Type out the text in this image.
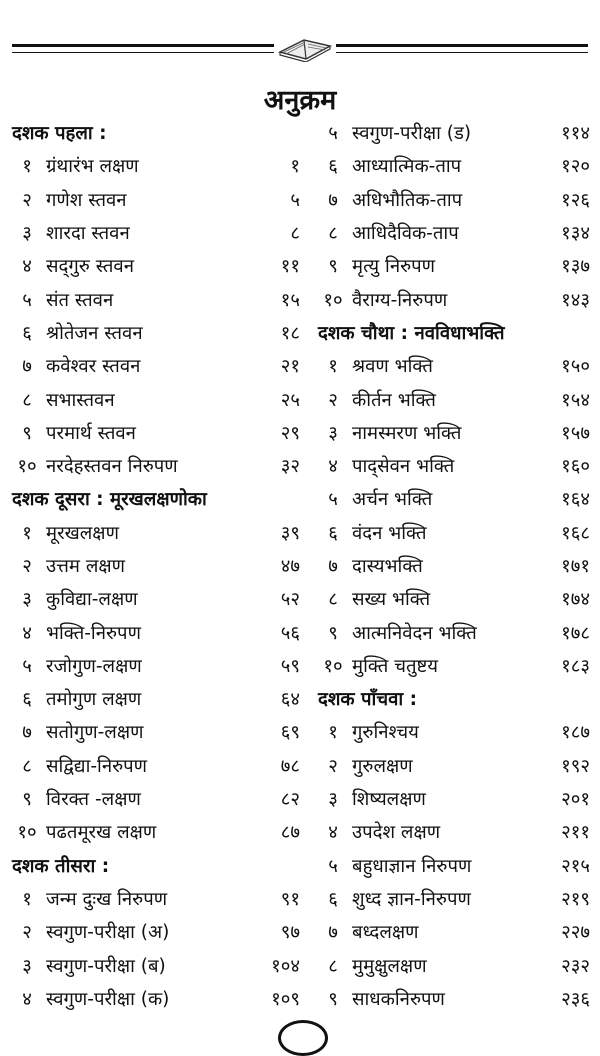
अनुक्रम
दशक पहला :
१ ग्रंथारंभ लक्षण	१
२ गणेश स्तवन	५
३ शारदा स्तवन	८
४ सद्‌गुरु स्तवन	११
५ संत स्तवन	१५
६ श्रोतेजन स्तवन	१८
७ कवेश्वर स्तवन	२१
८ सभास्तवन	२५
९ परमार्थ स्तवन	२९
१० नरदेहस्तवन निरुपण	३२
दशक दूसरा : मूरखलक्षणोका
१ मूरखलक्षण	३९
२ उत्तम लक्षण	४७
३ कुविद्या-लक्षण	५२
४ भक्ति-निरुपण	५६
५ रजोगुण-लक्षण	५९
६ तमोगुण लक्षण	६४
७ सतोगुण-लक्षण	६९
८ सद्विद्या-निरुपण	७८
९ विरक्त -लक्षण	८२
१० पढतमूरख लक्षण	८७
दशक तीसरा :
१ जन्म दुःख निरुपण	९१
२ स्वगुण-परीक्षा (अ)	९७
३ स्वगुण-परीक्षा (ब)	१०४
४ स्वगुण-परीक्षा (क)	१०९
५ स्वगुण-परीक्षा (ड)	११४
६ आध्यात्मिक-ताप	१२०
७ अधिभौतिक-ताप	१२६
८ आधिदैविक-ताप	१३४
९ मृत्यु निरुपण	१३७
१० वैराग्य-निरुपण	१४३
दशक चौथा : नवविधाभक्ति
१ श्रवण भक्ति	१५०
२ कीर्तन भक्ति	१५४
३ नामस्मरण भक्ति	१५७
४ पाद्‌सेवन भक्ति	१६०
५ अर्चन भक्ति	१६४
६ वंदन भक्ति	१६८
७ दास्यभक्ति	१७१
८ सख्य भक्ति	१७४
९ आत्मनिवेदन भक्ति	१७८
१० मुक्ति चतुष्टय	१८३
दशक पाँचवा :
१ गुरुनिश्चय	१८७
२ गुरुलक्षण	१९२
३ शिष्यलक्षण	२०१
४ उपदेश लक्षण	२११
५ बहुधाज्ञान निरुपण	२१५
६ शुध्द ज्ञान-निरुपण	२१९
७ बध्दलक्षण	२२७
८ मुमुक्षुलक्षण	२३२
९ साधकनिरुपण	२३६
